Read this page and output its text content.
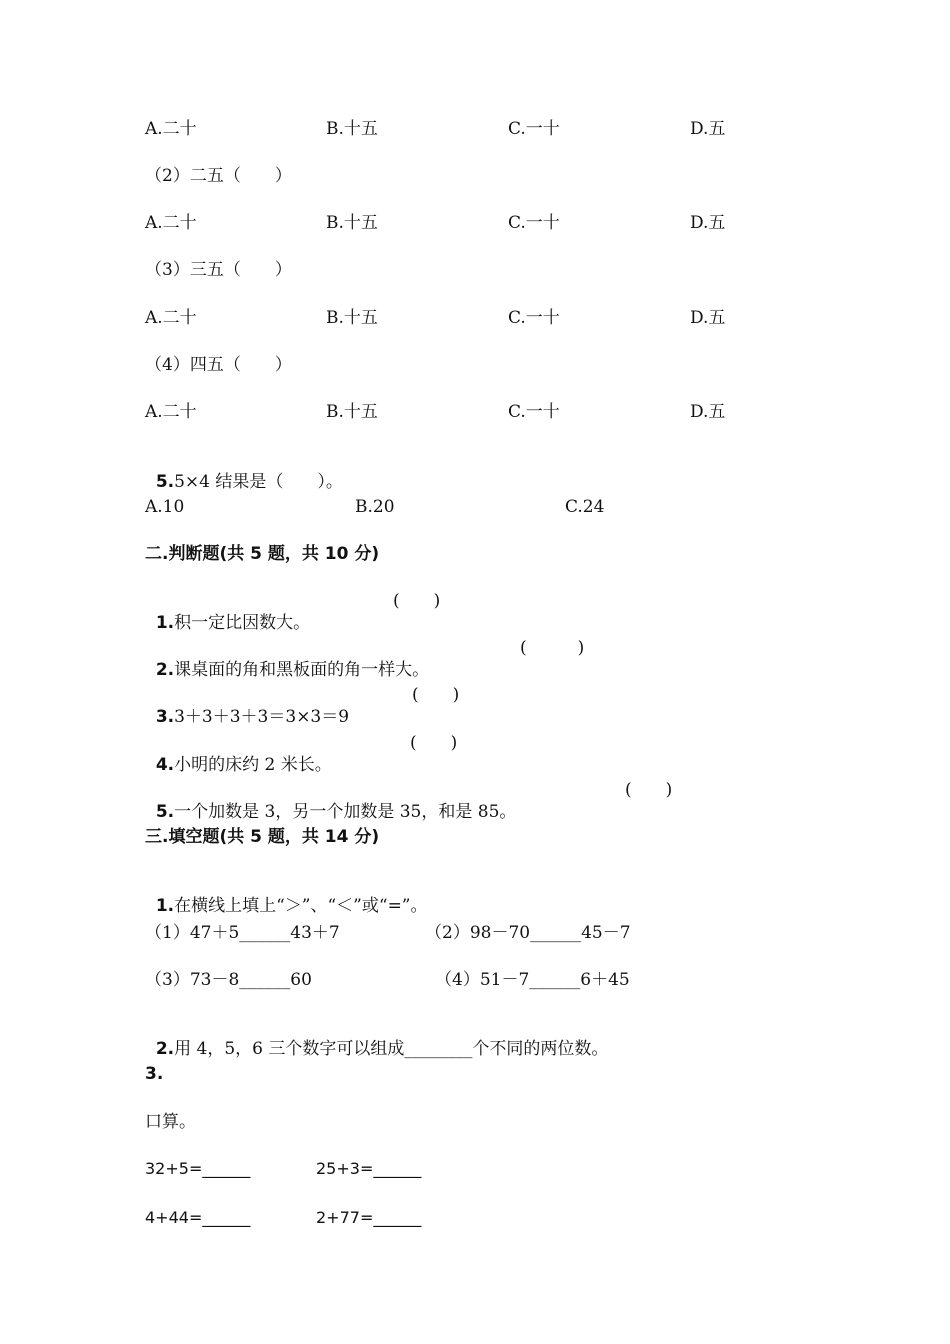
A.二十	B.十五	C.一十	D.五
（2）二五（　　）
A.二十	B.十五	C.一十	D.五
（3）三五（　　）
A.二十	B.十五	C.一十	D.五
（4）四五（　　）
A.二十	B.十五	C.一十	D.五

5.5×4 结果是（　　）。

A.10	B.20	C.24
二.判断题(共 5 题，共 10 分)

1.积一定比因数大。

(　　)

2.课桌面的角和黑板面的角一样大。

(　　　)

3.3＋3＋3＋3＝3×3＝9

(　　)

4.小明的床约 2 米长。

(　　)

5.一个加数是 3，另一个加数是 35，和是 85。

(　　)
三.填空题(共 5 题，共 14 分)

1.在横线上填上“＞”、“＜”或“=”。

（1）47＋5______43＋7	（2）98－70______45－7
（3）73－8______60	（4）51－7______6＋45

2.用 4，5，6 三个数字可以组成________个不同的两位数。

3.
口算。
32+5=______	25+3=______
4+44=______	2+77=______
